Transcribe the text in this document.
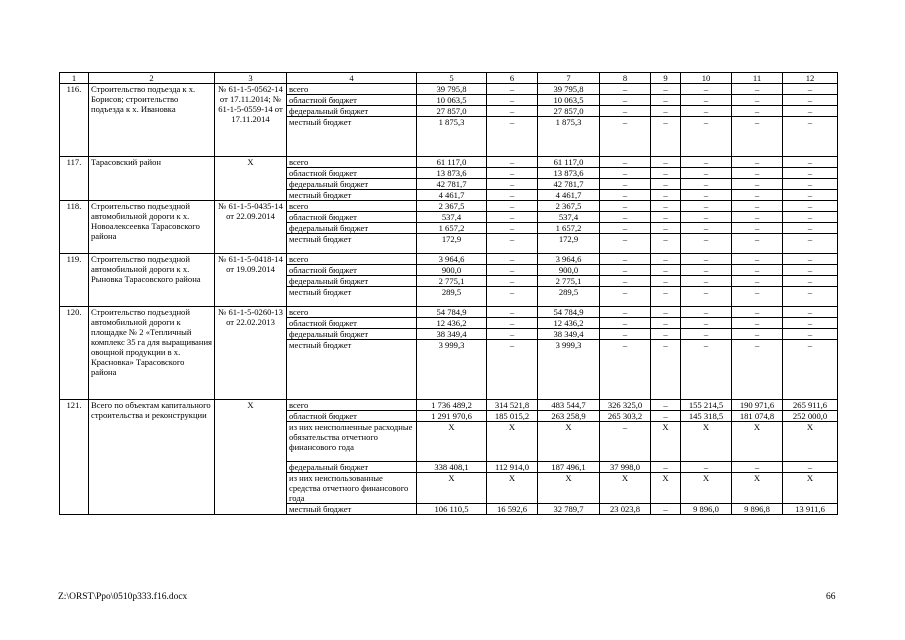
1	2	3	4	5	6	7	8	9	10	11	12
116.	Строительство подъезда к х. Борисов; строительство подъезда к х. Ивановка	№ 61-1-5-0562-14 от 17.11.2014; № 61-1-5-0559-14 от 17.11.2014	всего	39 795,8	–	39 795,8	–	–	–	–	–
			областной бюджет	10 063,5	–	10 063,5	–	–	–	–	–
			федеральный бюджет	27 857,0	–	27 857,0	–	–	–	–	–
			местный бюджет	1 875,3	–	1 875,3	–	–	–	–	–
117.	Тарасовский район	X	всего	61 117,0	–	61 117,0	–	–	–	–	–
			областной бюджет	13 873,6	–	13 873,6	–	–	–	–	–
			федеральный бюджет	42 781,7	–	42 781,7	–	–	–	–	–
			местный бюджет	4 461,7	–	4 461,7	–	–	–	–	–
118.	Строительство подъездной автомобильной дороги к х. Новоалексеевка Тарасовского района	№ 61-1-5-0435-14 от 22.09.2014	всего	2 367,5	–	2 367,5	–	–	–	–	–
			областной бюджет	537,4	–	537,4	–	–	–	–	–
			федеральный бюджет	1 657,2	–	1 657,2	–	–	–	–	–
			местный бюджет	172,9	–	172,9	–	–	–	–	–
119.	Строительство подъездной автомобильной дороги к х. Рыновка Тарасовского района	№ 61-1-5-0418-14 от 19.09.2014	всего	3 964,6	–	3 964,6	–	–	–	–	–
			областной бюджет	900,0	–	900,0	–	–	–	–	–
			федеральный бюджет	2 775,1	–	2 775,1	–	–	–	–	–
			местный бюджет	289,5	–	289,5	–	–	–	–	–
120.	Строительство подъездной автомобильной дороги к площадке № 2 «Тепличный комплекс 35 га для выращивания овощной продукции в х. Красновка» Тарасовского района	№ 61-1-5-0260-13 от 22.02.2013	всего	54 784,9	–	54 784,9	–	–	–	–	–
			областной бюджет	12 436,2	–	12 436,2	–	–	–	–	–
			федеральный бюджет	38 349,4	–	38 349,4	–	–	–	–	–
			местный бюджет	3 999,3	–	3 999,3	–	–	–	–	–
121.	Всего по объектам капитального строительства и реконструкции	X	всего	1 736 489,2	314 521,8	483 544,7	326 325,0	–	155 214,5	190 971,6	265 911,6
			областной бюджет	1 291 970,6	185 015,2	263 258,9	265 303,2	–	145 318,5	181 074,8	252 000,0
			из них неисполненные расходные обязательства отчетного финансового года	X	X	X	–	X	X	X	X
			федеральный бюджет	338 408,1	112 914,0	187 496,1	37 998,0	–	–	–	–
			из них неиспользованные средства отчетного финансового года	X	X	X	X	X	X	X	X
			местный бюджет	106 110,5	16 592,6	32 789,7	23 023,8	–	9 896,0	9 896,8	13 911,6
Z:\ORST\Ppo\0510p333.f16.docx	66
